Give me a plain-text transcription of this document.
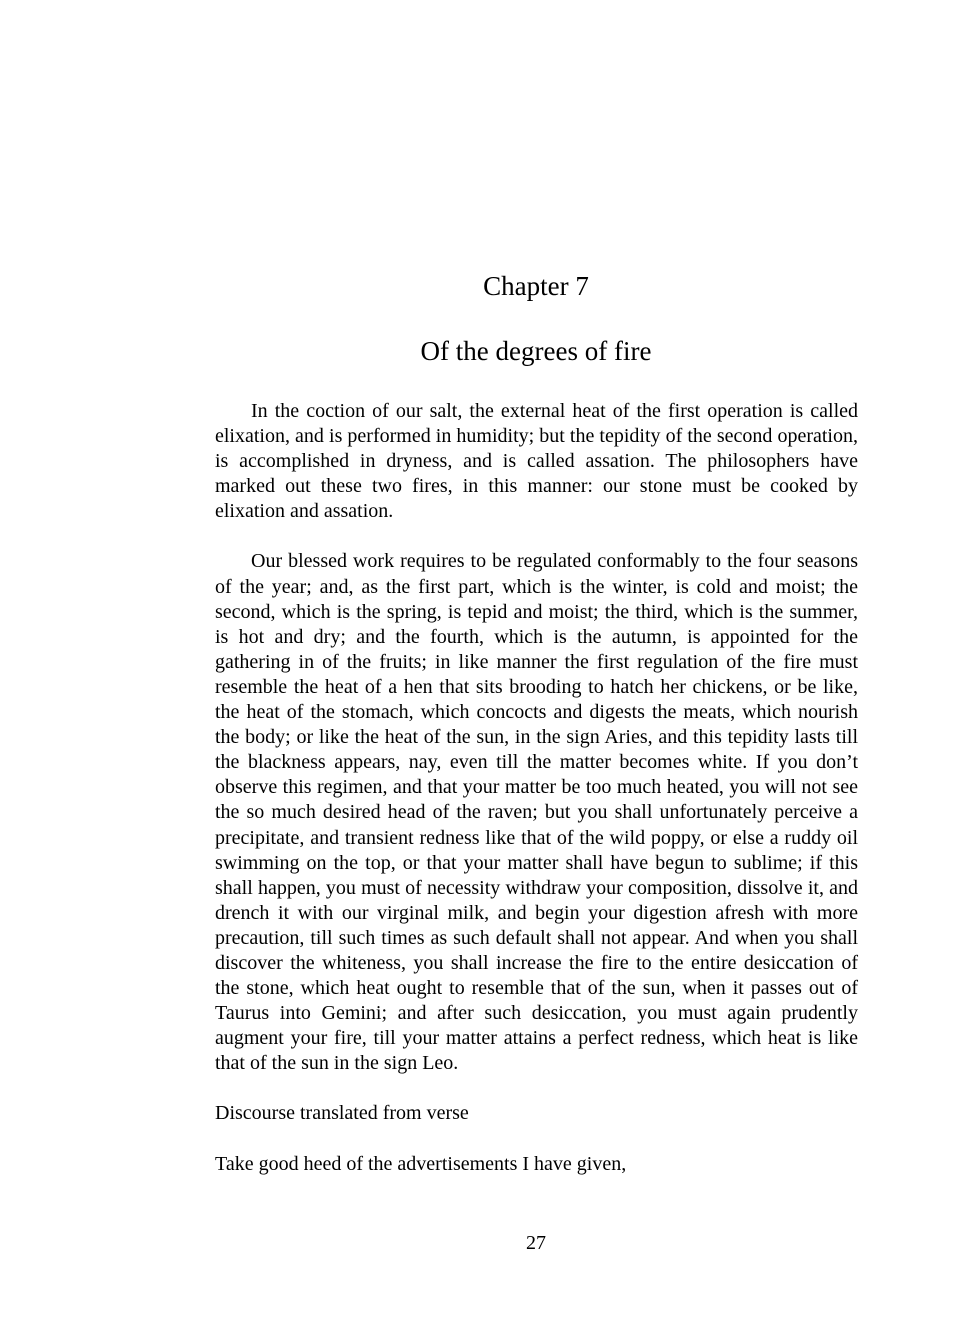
Chapter 7
Of the degrees of fire

In the coction of our salt, the external heat of the first operation is called elixation, and is performed in humidity; but the tepidity of the second operation, is accomplished in dryness, and is called assation. The philosophers have marked out these two fires, in this manner: our stone must be cooked by elixation and assation.

Our blessed work requires to be regulated conformably to the four seasons of the year; and, as the first part, which is the winter, is cold and moist; the second, which is the spring, is tepid and moist; the third, which is the summer, is hot and dry; and the fourth, which is the autumn, is appointed for the gathering in of the fruits; in like manner the first regulation of the fire must resemble the heat of a hen that sits brooding to hatch her chickens, or be like, the heat of the stomach, which concocts and digests the meats, which nourish the body; or like the heat of the sun, in the sign Aries, and this tepidity lasts till the blackness appears, nay, even till the matter becomes white. If you don’t observe this regimen, and that your matter be too much heated, you will not see the so much desired head of the raven; but you shall unfortunately perceive a precipitate, and transient redness like that of the wild poppy, or else a ruddy oil swimming on the top, or that your matter shall have begun to sublime; if this shall happen, you must of necessity withdraw your composition, dissolve it, and drench it with our virginal milk, and begin your digestion afresh with more precaution, till such times as such default shall not appear. And when you shall discover the whiteness, you shall increase the fire to the entire desiccation of the stone, which heat ought to resemble that of the sun, when it passes out of Taurus into Gemini; and after such desiccation, you must again prudently augment your fire, till your matter attains a perfect redness, which heat is like that of the sun in the sign Leo.

Discourse translated from verse

Take good heed of the advertisements I have given,

27
